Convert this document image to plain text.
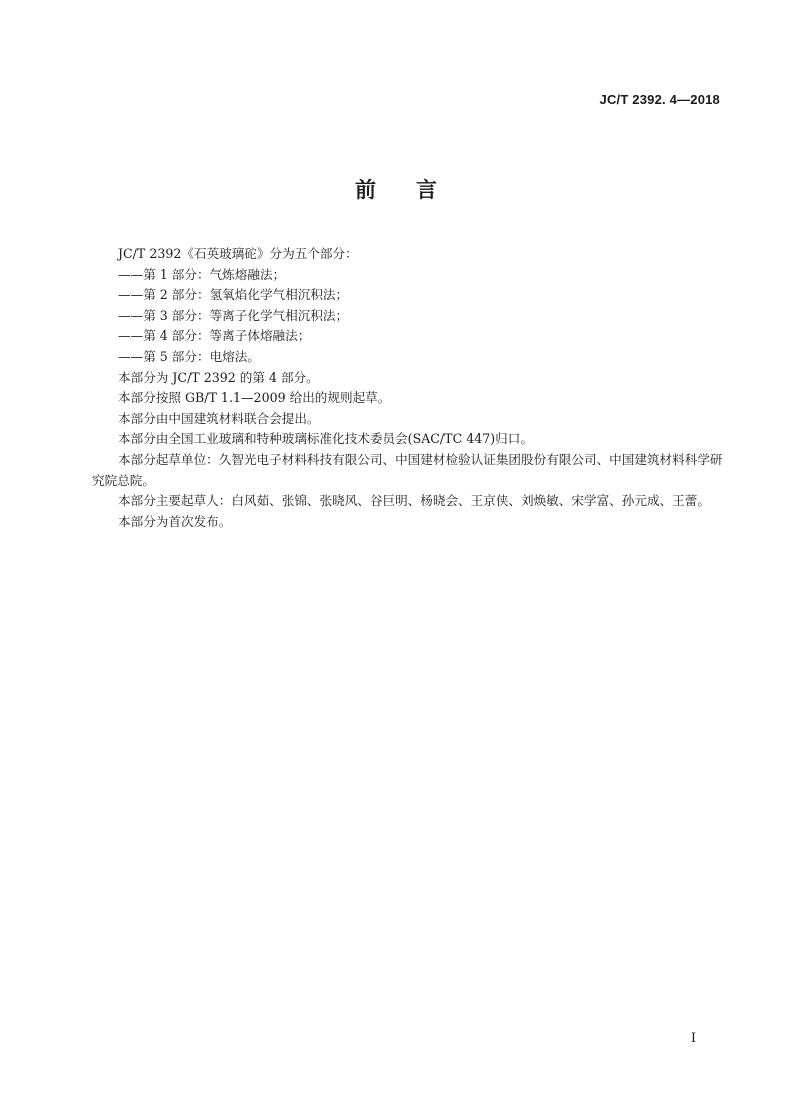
JC/T 2392. 4—2018
前 言

JC/T 2392《石英玻璃砣》分为五个部分：

——第 1 部分：气炼熔融法；

——第 2 部分：氢氧焰化学气相沉积法；

——第 3 部分：等离子化学气相沉积法；

——第 4 部分：等离子体熔融法；

——第 5 部分：电熔法。

本部分为 JC/T 2392 的第 4 部分。

本部分按照 GB/T 1.1—2009 给出的规则起草。

本部分由中国建筑材料联合会提出。

本部分由全国工业玻璃和特种玻璃标准化技术委员会(SAC/TC 447)归口。

本部分起草单位：久智光电子材料科技有限公司、中国建材检验认证集团股份有限公司、中国建筑材料科学研究院总院。

本部分主要起草人：白风茹、张锦、张晓风、谷巨明、杨晓会、王京侠、刘焕敏、宋学富、孙元成、王蕾。

本部分为首次发布。

I
